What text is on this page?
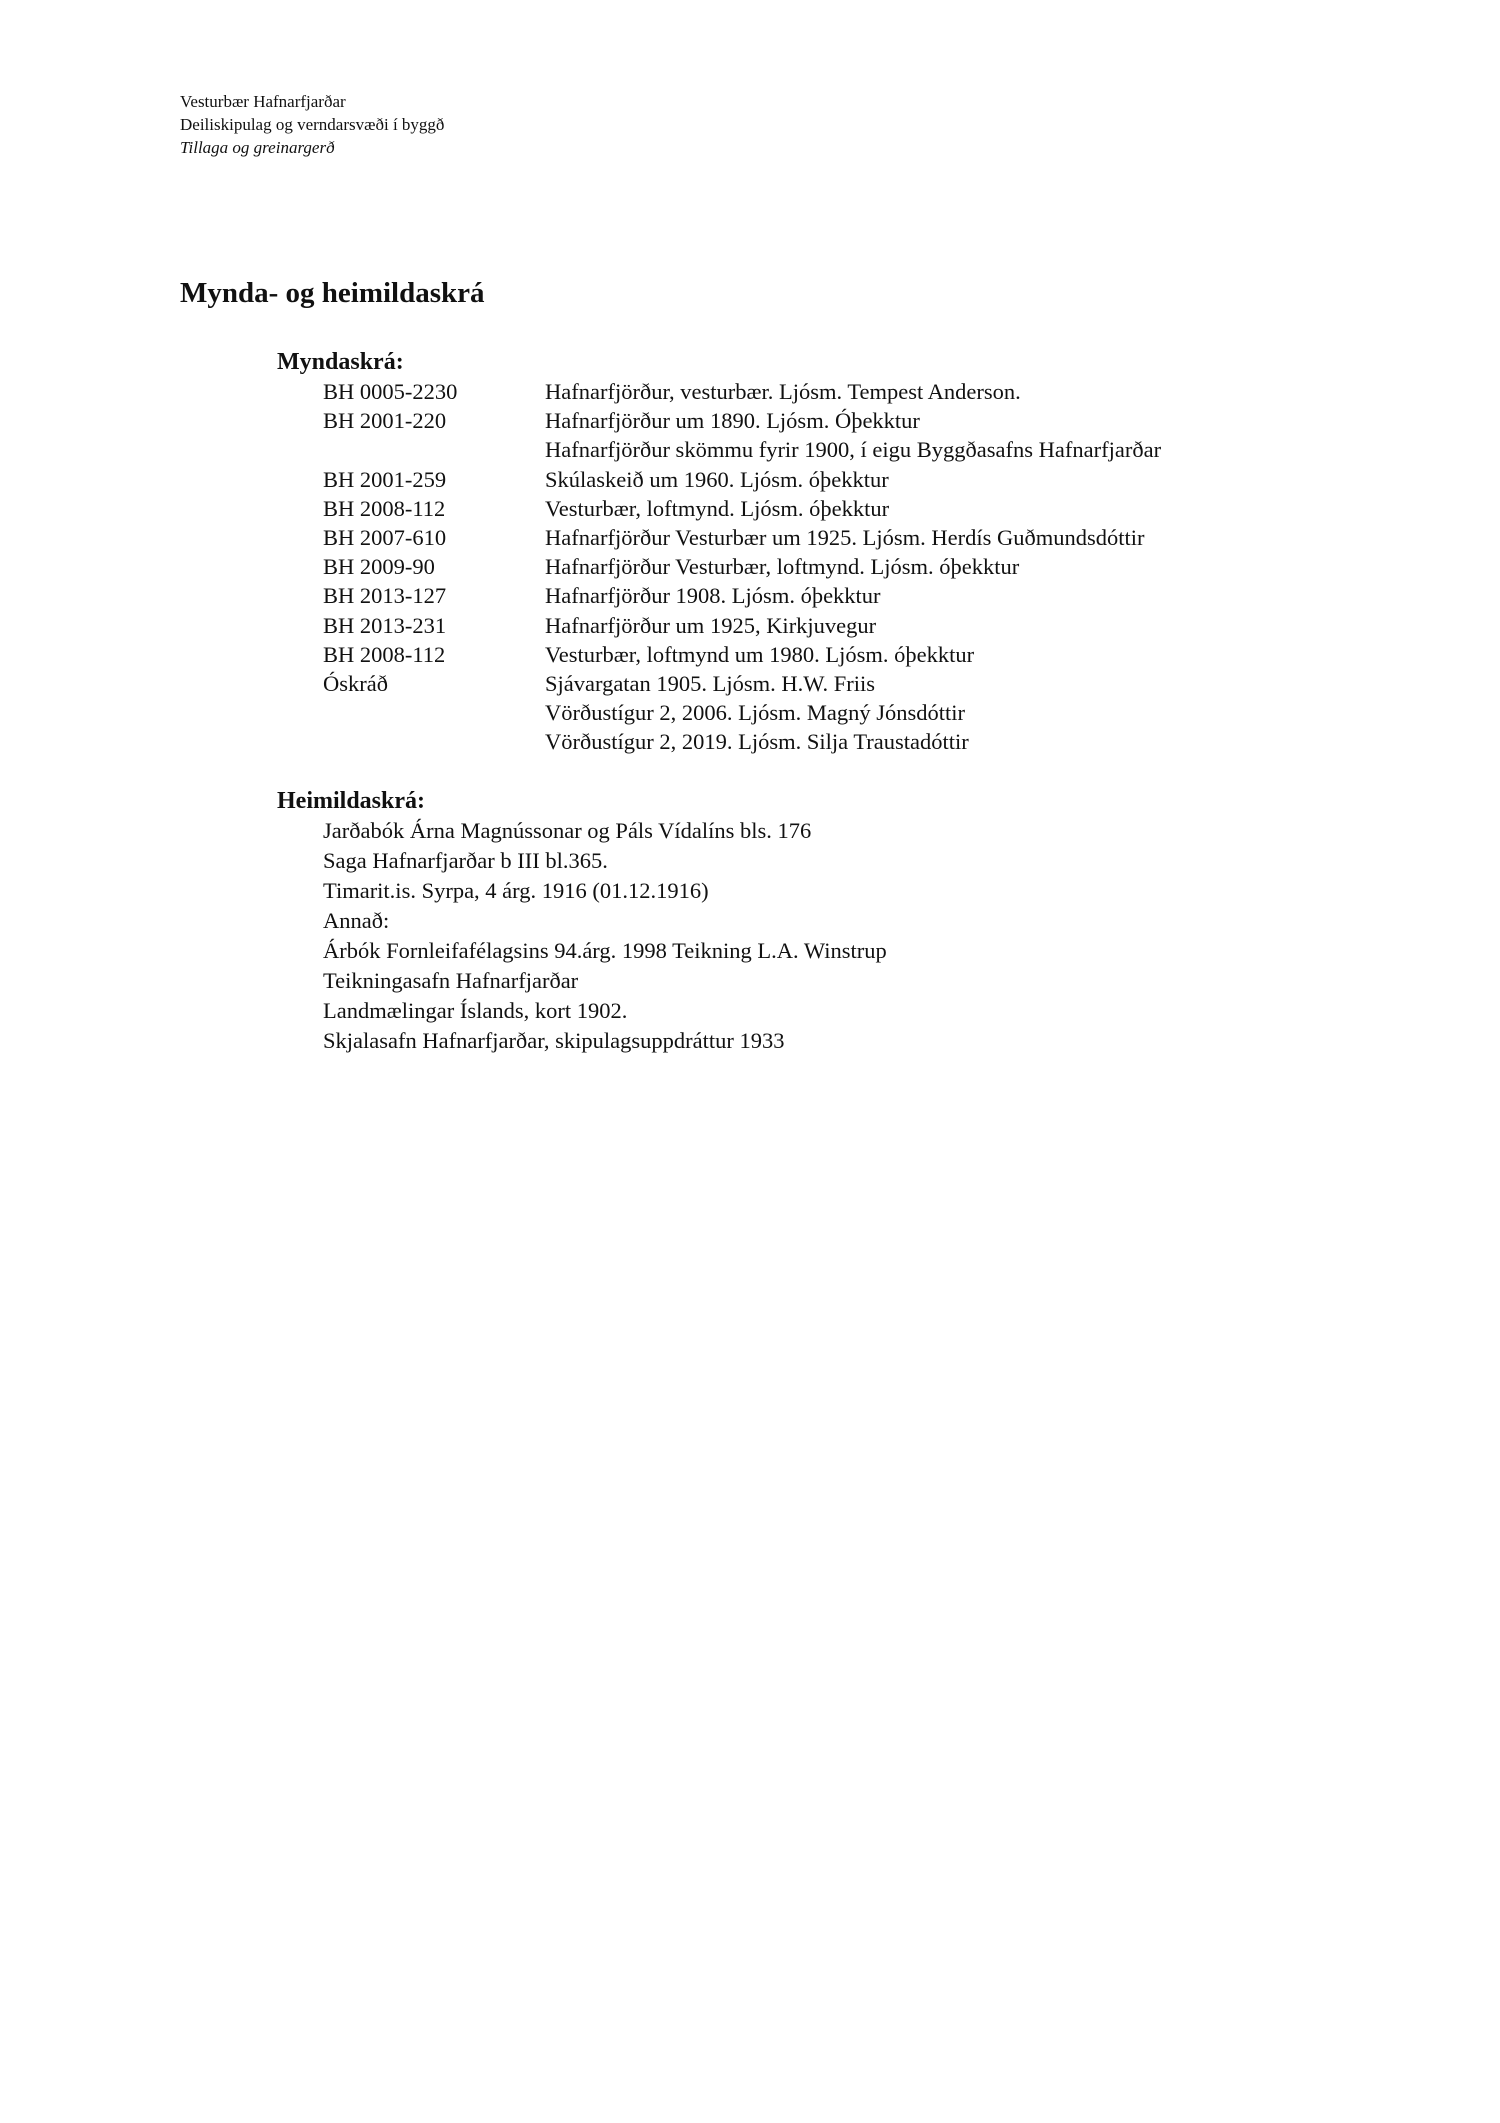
Vesturbær Hafnarfjarðar
Deiliskipulag og verndarsvæði í byggð
Tillaga og greinargerð
Mynda- og heimildaskrá
Myndaskrá:
BH 0005-2230	Hafnarfjörður, vesturbær. Ljósm. Tempest Anderson.
BH 2001-220	Hafnarfjörður um 1890. Ljósm. Óþekktur
Hafnarfjörður skömmu fyrir 1900, í eigu Byggðasafns Hafnarfjarðar
BH 2001-259	Skúlaskeið um 1960. Ljósm. óþekktur
BH 2008-112	Vesturbær, loftmynd. Ljósm. óþekktur
BH 2007-610	Hafnarfjörður Vesturbær um 1925. Ljósm. Herdís Guðmundsdóttir
BH 2009-90	Hafnarfjörður Vesturbær, loftmynd. Ljósm. óþekktur
BH 2013-127	Hafnarfjörður 1908. Ljósm. óþekktur
BH 2013-231	Hafnarfjörður um 1925, Kirkjuvegur
BH 2008-112	Vesturbær, loftmynd um 1980. Ljósm. óþekktur
Óskráð	Sjávargatan 1905. Ljósm. H.W. Friis
Vörðustígur 2, 2006. Ljósm. Magný Jónsdóttir
Vörðustígur 2, 2019. Ljósm. Silja Traustadóttir
Heimildaskrá:
Jarðabók Árna Magnússonar og Páls Vídalíns bls. 176
Saga Hafnarfjarðar b III bl.365.
Timarit.is. Syrpa, 4 árg. 1916 (01.12.1916)
Annað:
Árbók Fornleifafélagsins 94.árg. 1998 Teikning L.A. Winstrup
Teikningasafn Hafnarfjarðar
Landmælingar Íslands, kort 1902.
Skjalasafn Hafnarfjarðar, skipulagsuppdráttur 1933
